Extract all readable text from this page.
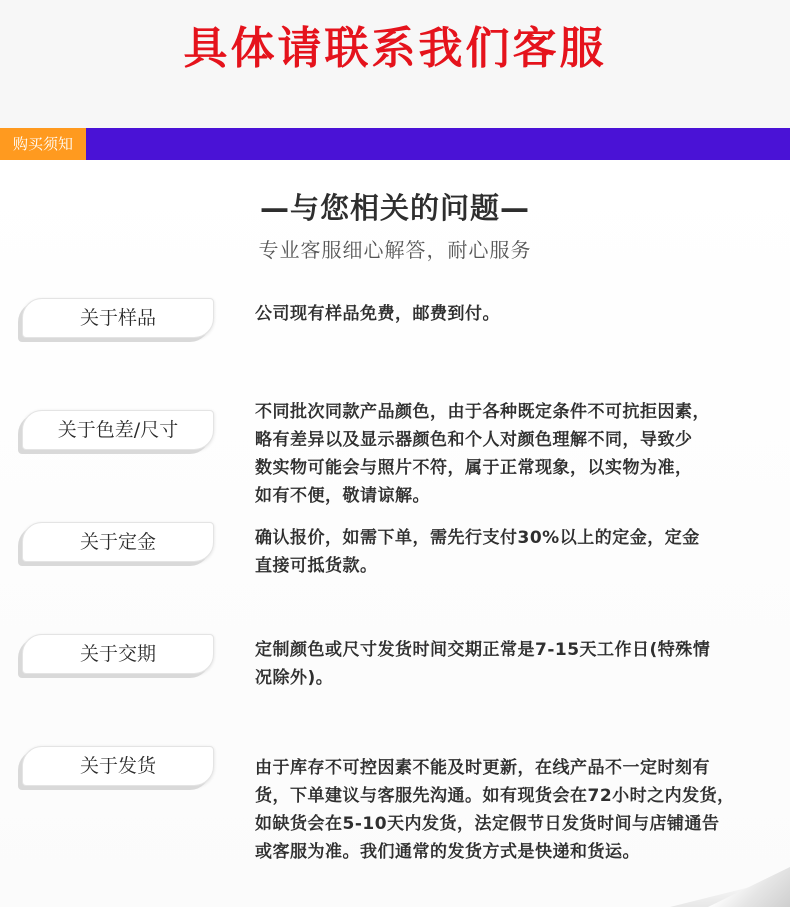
具体请联系我们客服
购买须知
—与您相关的问题—
专业客服细心解答，耐心服务
关于样品	公司现有样品免费，邮费到付。
关于色差/尺寸
不同批次同款产品颜色，由于各种既定条件不可抗拒因素，
略有差异以及显示器颜色和个人对颜色理解不同，导致少
数实物可能会与照片不符，属于正常现象，以实物为准，
如有不便，敬请谅解。
关于定金	确认报价，如需下单，需先行支付30%以上的定金，定金
直接可抵货款。
关于交期	定制颜色或尺寸发货时间交期正常是7-15天工作日(特殊情
况除外)。
关于发货	由于库存不可控因素不能及时更新，在线产品不一定时刻有
货，下单建议与客服先沟通。如有现货会在72小时之内发货，
如缺货会在5-10天内发货，法定假节日发货时间与店铺通告
或客服为准。我们通常的发货方式是快递和货运。
